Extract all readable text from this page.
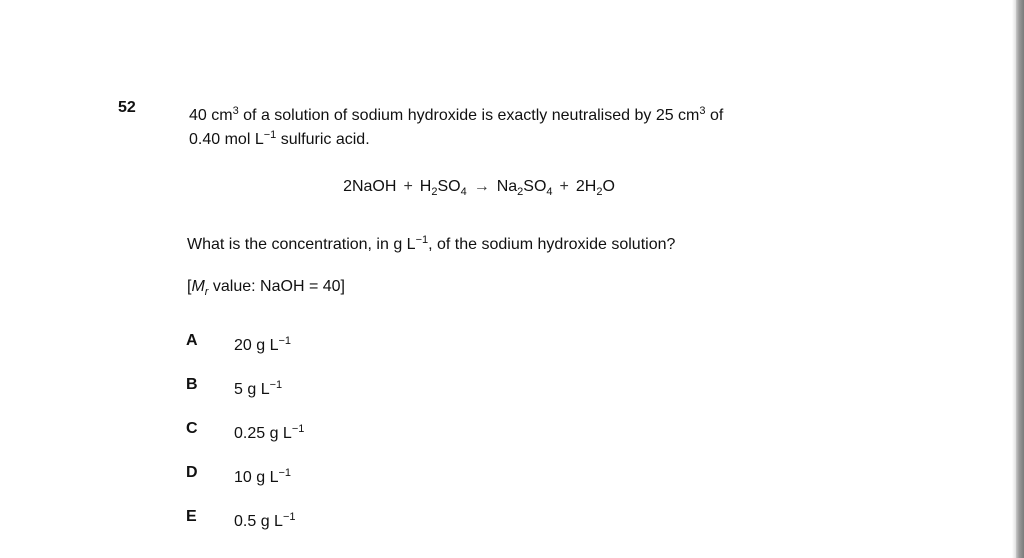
52	40 $cm^3$ of a solution of sodium hydroxide is exactly neutralised by 25 $cm^3$ of
0.40 mol $L^{-1}$ sulfuric acid.
2NaOH + $H_2SO_4 \to Na_2SO_4 + 2H_2O$
What is the concentration, in g $L^{-1}$, of the sodium hydroxide solution?
[$M_r$ value: NaOH = 40]
A 20 g $L^{-1}$
B 5 g $L^{-1}$
C 0.25 g $L^{-1}$
D 10 g $L^{-1}$
E 0.5 g $L^{-1}$
